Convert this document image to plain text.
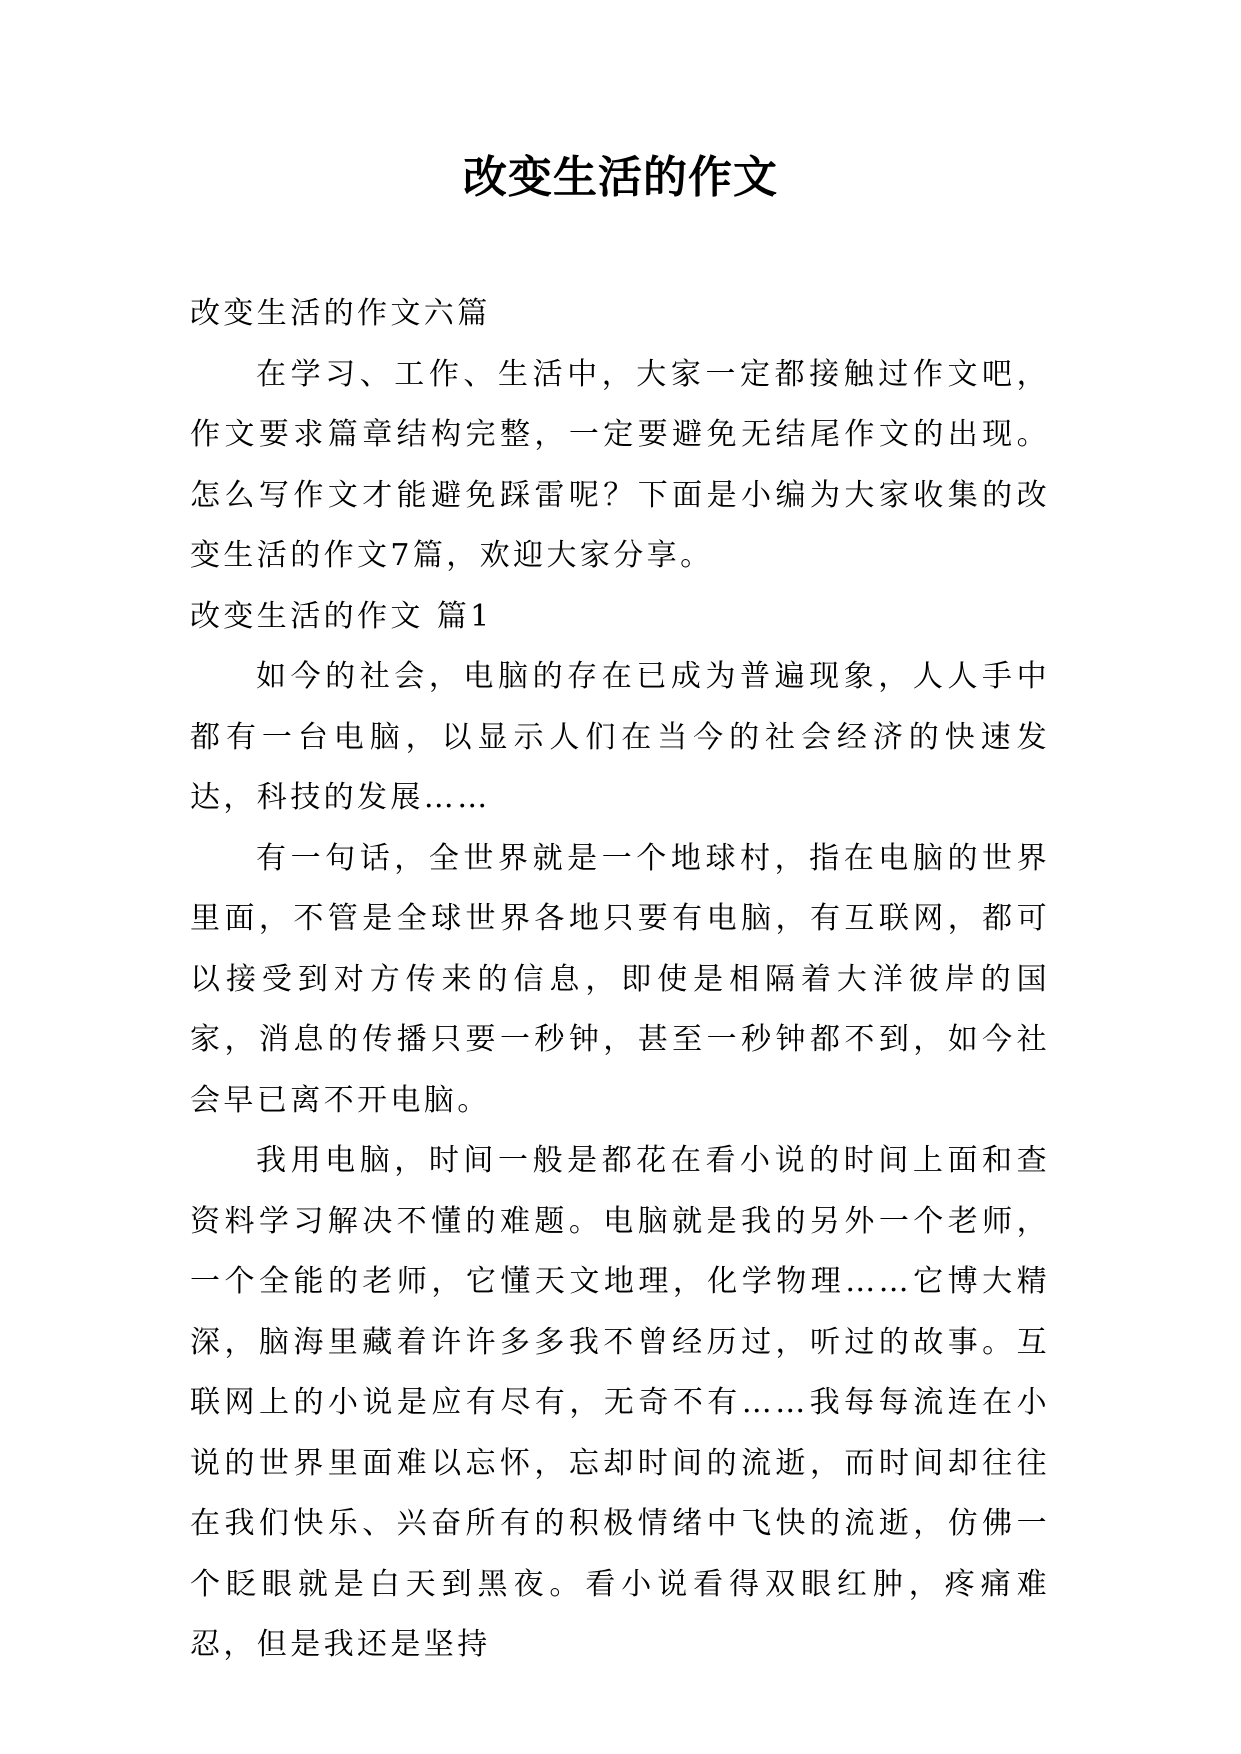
改变生活的作文

改变生活的作文六篇

在学习、工作、生活中，大家一定都接触过作文吧，作文要求篇章结构完整，一定要避免无结尾作文的出现。怎么写作文才能避免踩雷呢？下面是小编为大家收集的改变生活的作文7篇，欢迎大家分享。

改变生活的作文 篇1

如今的社会，电脑的存在已成为普遍现象，人人手中都有一台电脑，以显示人们在当今的社会经济的快速发达，科技的发展……

有一句话，全世界就是一个地球村，指在电脑的世界里面，不管是全球世界各地只要有电脑，有互联网，都可以接受到对方传来的信息，即使是相隔着大洋彼岸的国家，消息的传播只要一秒钟，甚至一秒钟都不到，如今社会早已离不开电脑。

我用电脑，时间一般是都花在看小说的时间上面和查资料学习解决不懂的难题。电脑就是我的另外一个老师，一个全能的老师，它懂天文地理，化学物理……它博大精深，脑海里藏着许许多多我不曾经历过，听过的故事。互联网上的小说是应有尽有，无奇不有……我每每流连在小说的世界里面难以忘怀，忘却时间的流逝，而时间却往往在我们快乐、兴奋所有的积极情绪中飞快的流逝，仿佛一个眨眼就是白天到黑夜。看小说看得双眼红肿，疼痛难忍，但是我还是坚持
